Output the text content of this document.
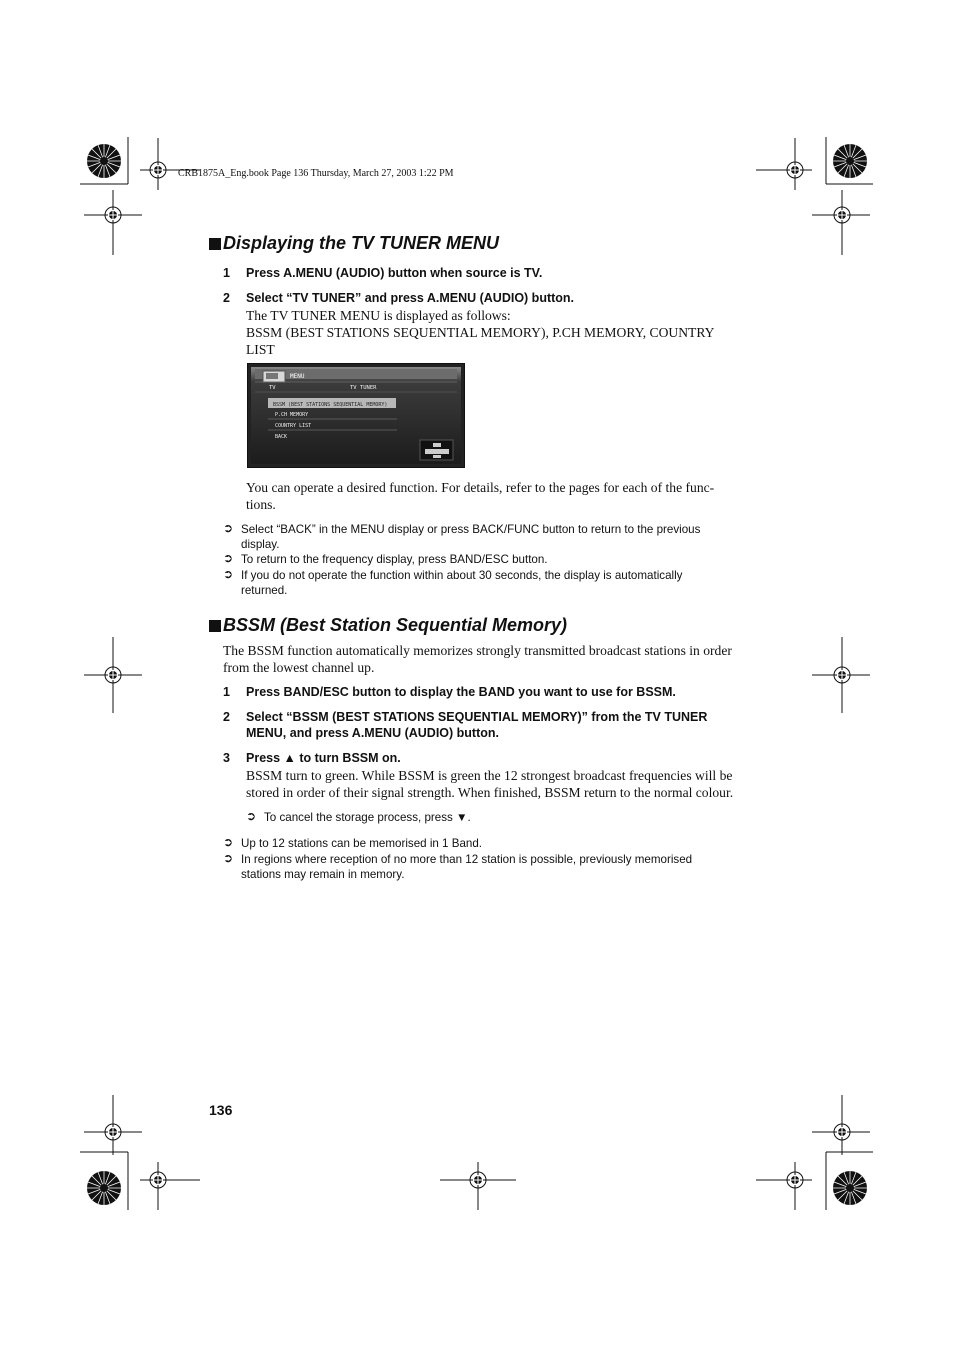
CRB1875A_Eng.book Page 136 Thursday, March 27, 2003 1:22 PM
Displaying the TV TUNER MENU
1 Press A.MENU (AUDIO) button when source is TV.
2 Select “TV TUNER” and press A.MENU (AUDIO) button.
The TV TUNER MENU is displayed as follows:
BSSM (BEST STATIONS SEQUENTIAL MEMORY), P.CH MEMORY, COUNTRY
LIST
MENU
TV	TV TUNER
BSSM (BEST STATIONS SEQUENTIAL MEMORY)
P.CH MEMORY
COUNTRY LIST
BACK
You can operate a desired function. For details, refer to the pages for each of the func-
tions.
➲ Select “BACK” in the MENU display or press BACK/FUNC button to return to the previous
display.
➲ To return to the frequency display, press BAND/ESC button.
➲ If you do not operate the function within about 30 seconds, the display is automatically
returned.
BSSM (Best Station Sequential Memory)
The BSSM function automatically memorizes strongly transmitted broadcast stations in order
from the lowest channel up.
1 Press BAND/ESC button to display the BAND you want to use for BSSM.
2 Select “BSSM (BEST STATIONS SEQUENTIAL MEMORY)” from the TV TUNER
MENU, and press A.MENU (AUDIO) button.
3 Press ▲ to turn BSSM on.
BSSM turn to green. While BSSM is green the 12 strongest broadcast frequencies will be
stored in order of their signal strength. When finished, BSSM return to the normal colour.
➲ To cancel the storage process, press ▼.
➲ Up to 12 stations can be memorised in 1 Band.
➲ In regions where reception of no more than 12 station is possible, previously memorised
stations may remain in memory.
136
